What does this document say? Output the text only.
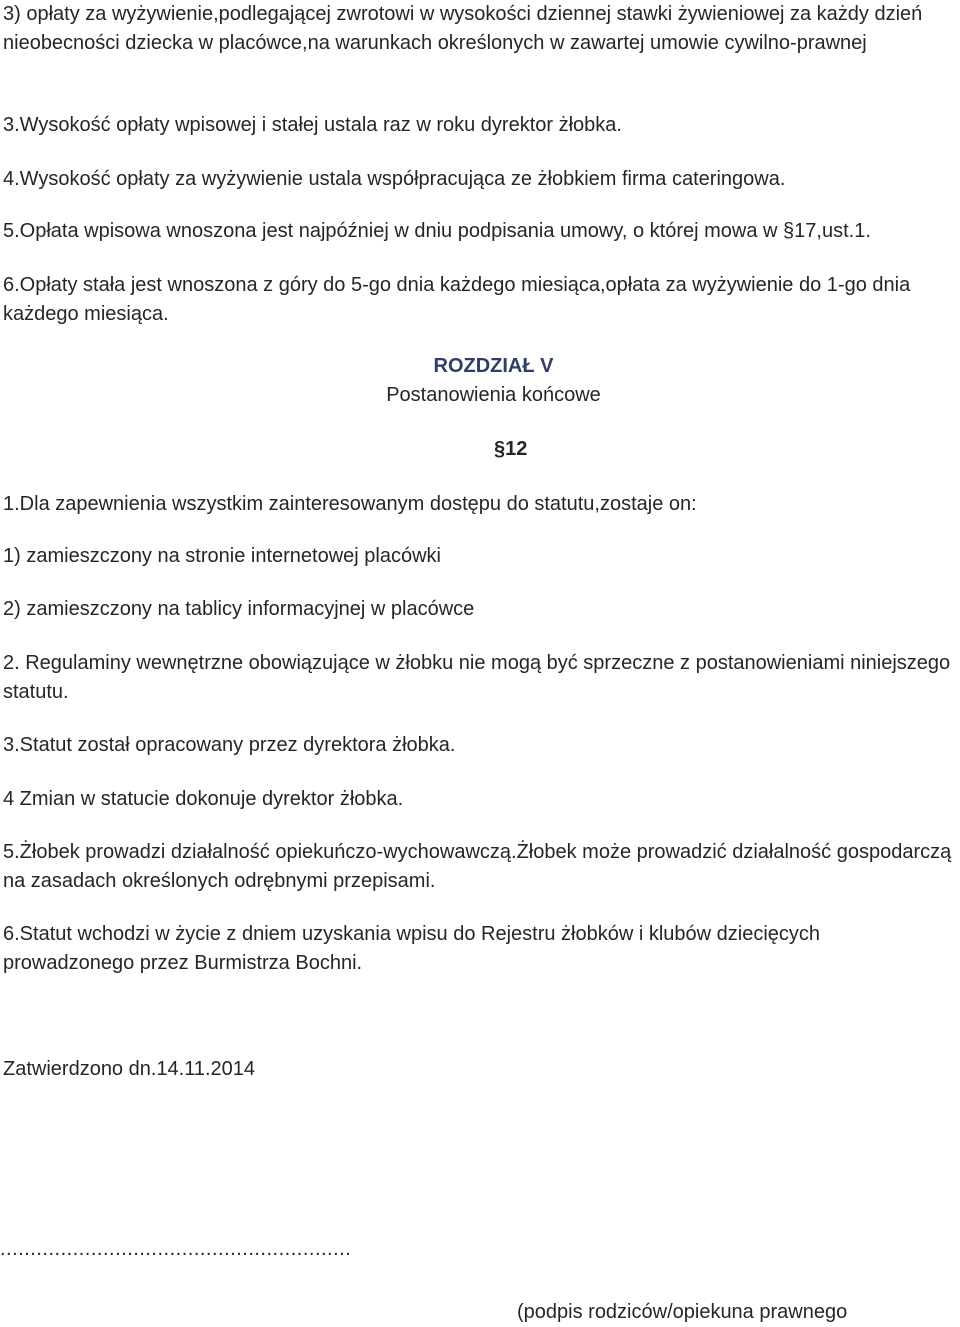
3) opłaty za wyżywienie,podlegającej zwrotowi w wysokości dziennej stawki żywieniowej za każdy dzień nieobecności dziecka w placówce,na warunkach określonych w zawartej umowie cywilno-prawnej

3.Wysokość opłaty wpisowej i stałej ustala raz w roku dyrektor żłobka.

4.Wysokość opłaty za wyżywienie ustala współpracująca ze żłobkiem firma cateringowa.

5.Opłata wpisowa wnoszona jest najpóźniej w dniu podpisania umowy, o której mowa w §17,ust.1.

6.Opłaty stała jest wnoszona z góry do 5-go dnia każdego miesiąca,opłata za wyżywienie do 1-go dnia każdego miesiąca.

ROZDZIAŁ V

Postanowienia końcowe

§12

1.Dla zapewnienia wszystkim zainteresowanym dostępu do statutu,zostaje on:

1) zamieszczony na stronie internetowej placówki

2) zamieszczony na tablicy informacyjnej w placówce

2. Regulaminy wewnętrzne obowiązujące w żłobku nie mogą być sprzeczne z postanowieniami niniejszego statutu.

3.Statut został opracowany przez dyrektora żłobka.

4 Zmian w statucie dokonuje dyrektor żłobka.

5.Żłobek prowadzi działalność opiekuńczo-wychowawczą.Żłobek może prowadzić działalność gospodarczą na zasadach określonych odrębnymi przepisami.

6.Statut wchodzi w życie z dniem uzyskania wpisu do Rejestru żłobków i klubów dziecięcych prowadzonego przez Burmistrza Bochni.

Zatwierdzono dn.14.11.2014

..........................................................
(podpis rodziców/opiekuna prawnego
